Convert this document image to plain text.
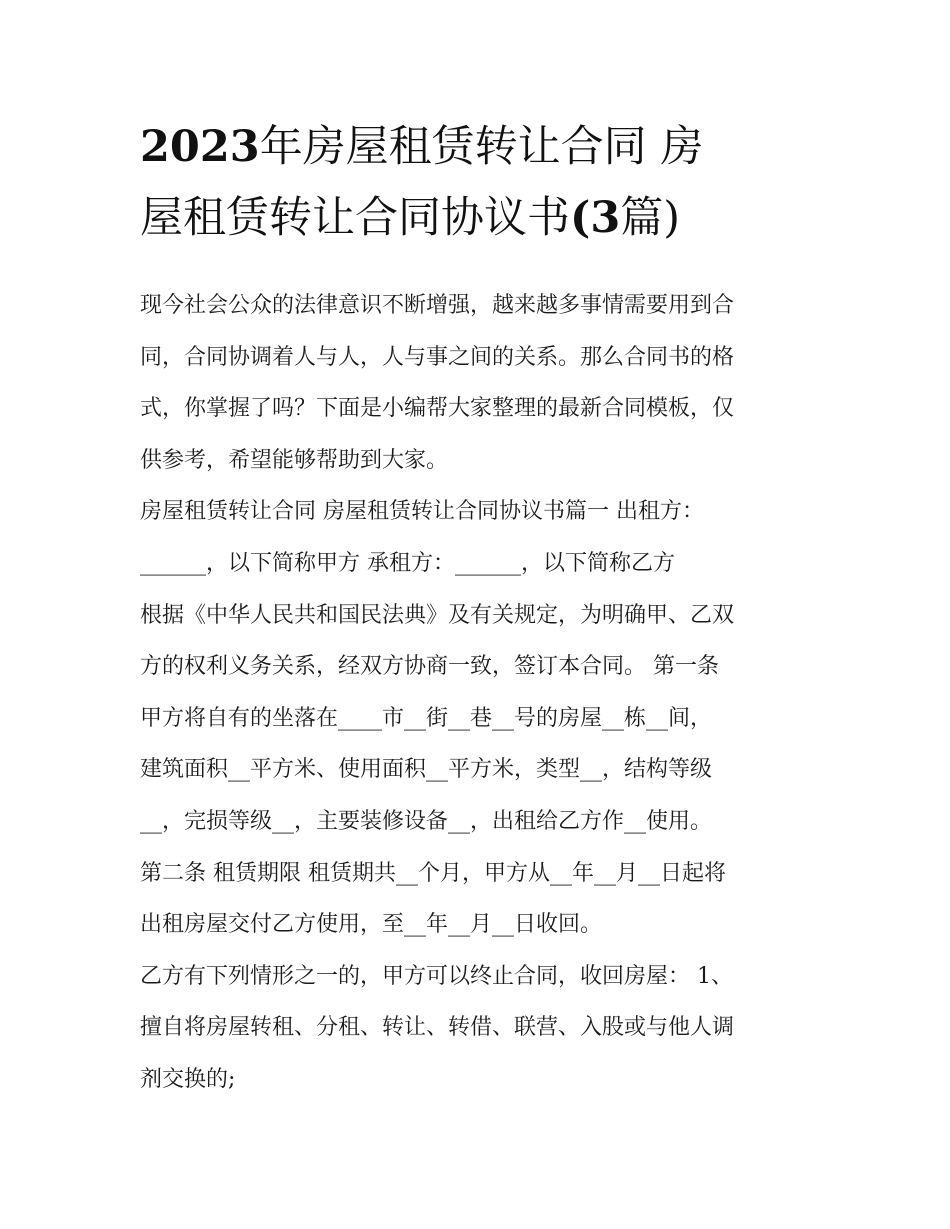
2023年房屋租赁转让合同 房
屋租赁转让合同协议书(3篇)
现今社会公众的法律意识不断增强，越来越多事情需要用到合
同，合同协调着人与人，人与事之间的关系。那么合同书的格
式，你掌握了吗？下面是小编帮大家整理的最新合同模板，仅
供参考，希望能够帮助到大家。
房屋租赁转让合同 房屋租赁转让合同协议书篇一 出租方：
______，以下简称甲方 承租方：______，以下简称乙方
根据《中华人民共和国民法典》及有关规定，为明确甲、乙双
方的权利义务关系，经双方协商一致，签订本合同。 第一条
甲方将自有的坐落在____市__街__巷__号的房屋__栋__间，
建筑面积__平方米、使用面积__平方米，类型__，结构等级
__，完损等级__，主要装修设备__，出租给乙方作__使用。
第二条 租赁期限 租赁期共__个月，甲方从__年__月__日起将
出租房屋交付乙方使用，至__年__月__日收回。
乙方有下列情形之一的，甲方可以终止合同，收回房屋： 1、
擅自将房屋转租、分租、转让、转借、联营、入股或与他人调
剂交换的;
